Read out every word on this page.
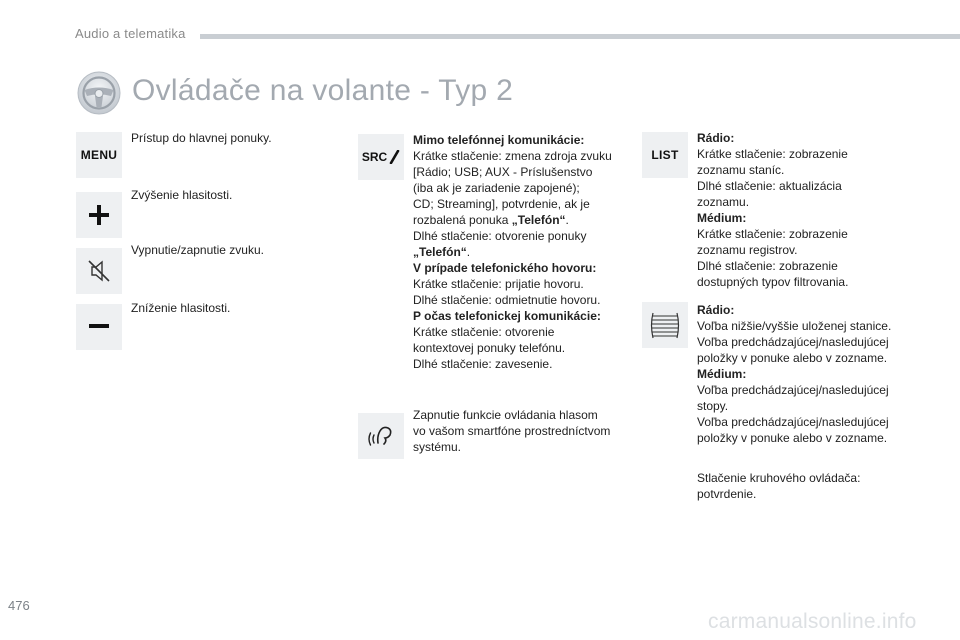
Audio a telematika
Ovládače na volante - Typ 2
MENU
Prístup do hlavnej ponuky.
Zvýšenie hlasitosti.
Vypnutie/zapnutie zvuku.
Zníženie hlasitosti.
SRC
Mimo telefónnej komunikácie:
Krátke stlačenie: zmena zdroja zvuku
[Rádio; USB; AUX - Príslušenstvo
(iba ak je zariadenie zapojené);
CD; Streaming], potvrdenie, ak je
rozbalená ponuka „Telefón“.
Dlhé stlačenie: otvorenie ponuky
„Telefón“.
V prípade telefonického hovoru:
Krátke stlačenie: prijatie hovoru.
Dlhé stlačenie: odmietnutie hovoru.
P očas telefonickej komunikácie:
Krátke stlačenie: otvorenie
kontextovej ponuky telefónu.
Dlhé stlačenie: zavesenie.
Zapnutie funkcie ovládania hlasom
vo vašom smartfóne prostredníctvom
systému.
LIST
Rádio:
Krátke stlačenie: zobrazenie
zoznamu staníc.
Dlhé stlačenie: aktualizácia
zoznamu.
Médium:
Krátke stlačenie: zobrazenie
zoznamu registrov.
Dlhé stlačenie: zobrazenie
dostupných typov filtrovania.
Rádio:
Voľba nižšie/vyššie uloženej stanice.
Voľba predchádzajúcej/nasledujúcej
položky v ponuke alebo v zozname.
Médium:
Voľba predchádzajúcej/nasledujúcej
stopy.
Voľba predchádzajúcej/nasledujúcej
položky v ponuke alebo v zozname.
Stlačenie kruhového ovládača:
potvrdenie.
476
carmanualsonline.info
